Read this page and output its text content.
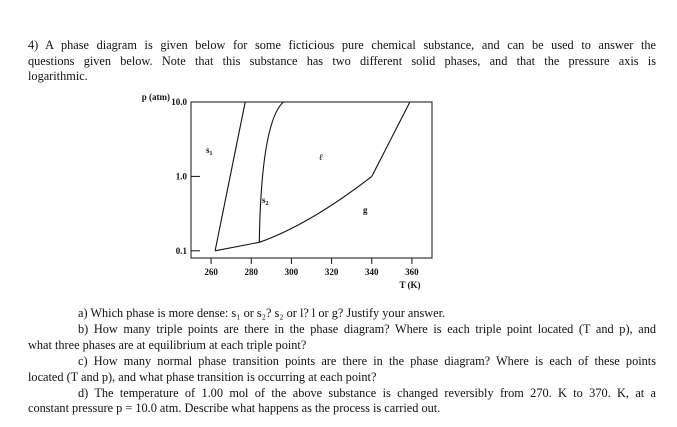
4) A phase diagram is given below for some ficticious pure chemical substance, and can be used to answer the
questions given below. Note that this substance has two different solid phases, and that the pressure axis is
logarithmic.
260	280	300	320	340	360
10.0
1.0
0.1
p (atm)
T (K)
$s_1$
$s_2$
ℓ
g
a) Which phase is more dense: s₁ or s₂? s₂ or l? l or g? Justify your answer.
b) How many triple points are there in the phase diagram? Where is each triple point located (T and p), and
what three phases are at equilibrium at each triple point?
c) How many normal phase transition points are there in the phase diagram? Where is each of these points
located (T and p), and what phase transition is occurring at each point?
d) The temperature of 1.00 mol of the above substance is changed reversibly from 270. K to 370. K, at a
constant pressure p = 10.0 atm. Describe what happens as the process is carried out.
